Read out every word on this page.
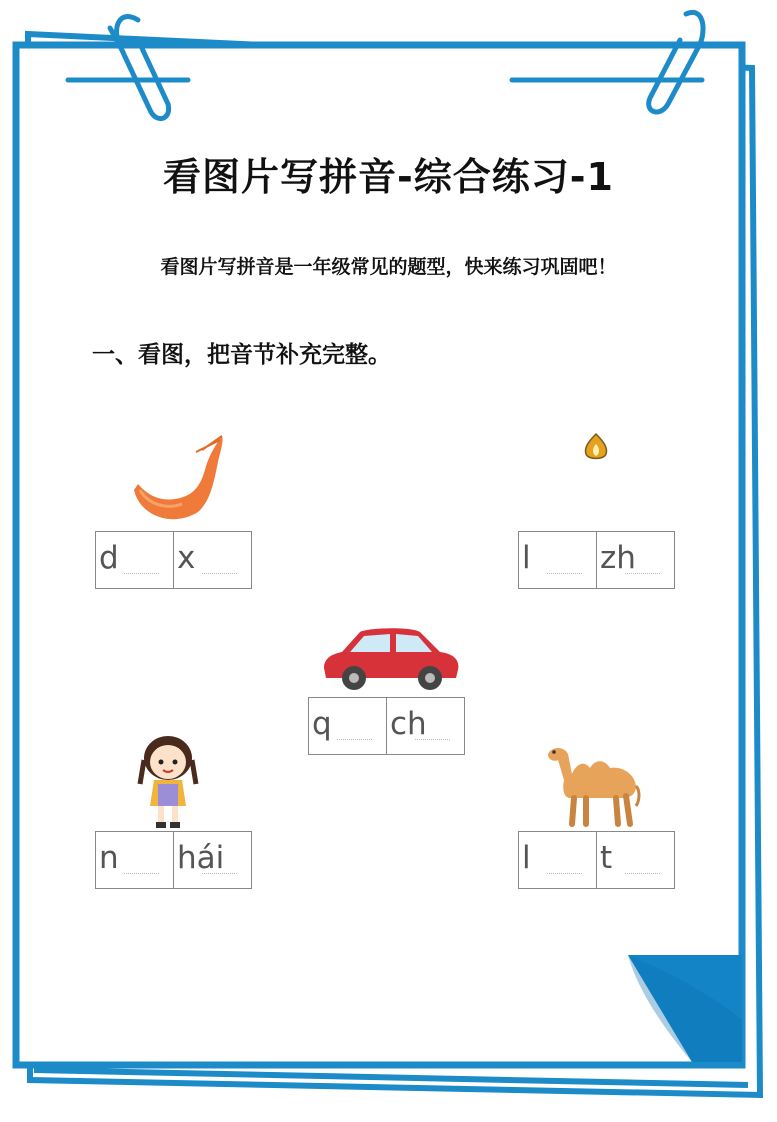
看图片写拼音-综合练习-1
看图片写拼音是一年级常见的题型，快来练习巩固吧！
一、看图，把音节补充完整。
d	x	l	zh
q	ch
n	hái	l	t
